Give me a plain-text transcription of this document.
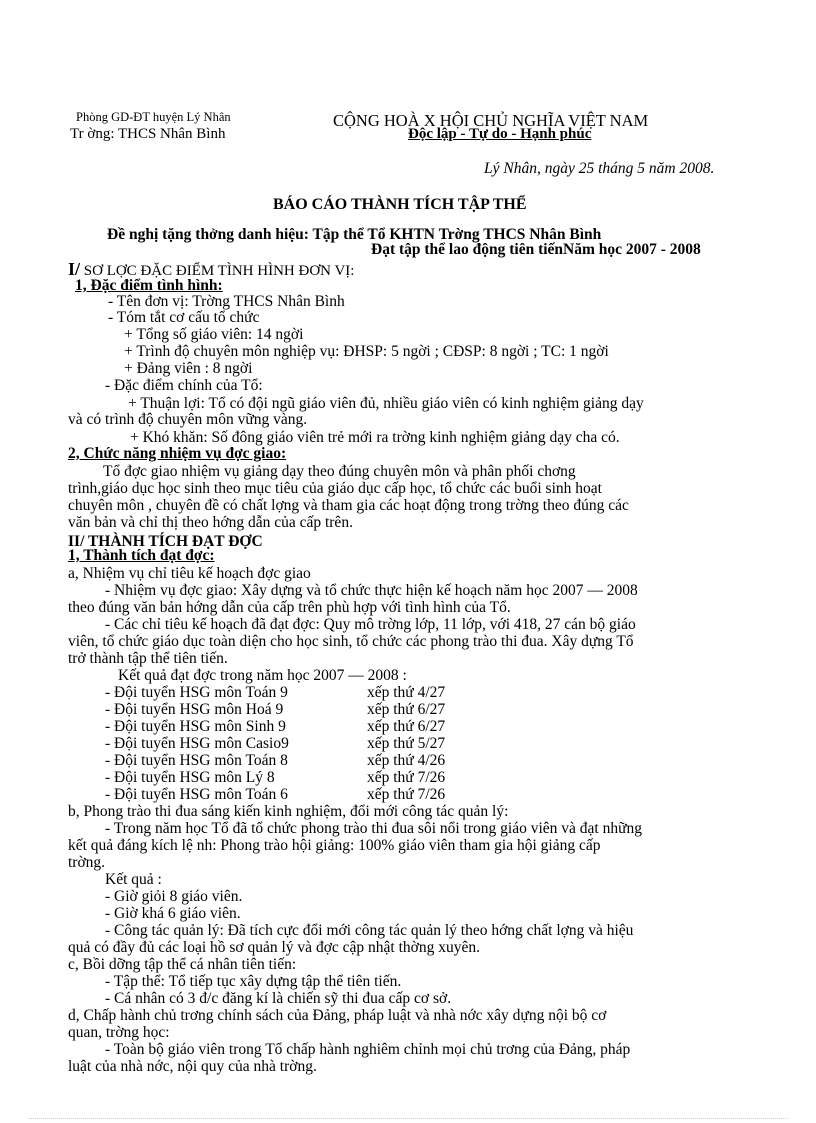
Phòng GD-ĐT huyện Lý Nhân
Tr ờng: THCS Nhân Bình
CỘNG HOÀ X HỘI CHỦ NGHĨA VIỆT NAM
Độc lập - Tự do - Hạnh phúc
Lý Nhân, ngày 25 tháng 5 năm 2008.
BÁO CÁO THÀNH TÍCH TẬP THỂ
Đề nghị tặng thởng danh hiệu: Tập thể Tổ KHTN Trờng THCS Nhân Bình
Đạt tập thể lao động tiên tiếnNăm học 2007 - 2008
I/ SƠ LỢC ĐẶC ĐIỂM TÌNH HÌNH ĐƠN VỊ:
1, Đặc điểm tình hình:
- Tên đơn vị: Trờng THCS Nhân Bình
- Tóm tắt cơ cấu tổ chức
+ Tổng số giáo viên: 14 ngời
+ Trình độ chuyên môn nghiệp vụ: ĐHSP: 5 ngời ; CĐSP: 8 ngời ; TC: 1 ngời
+ Đảng viên : 8 ngời
- Đặc điểm chính của Tổ:
+ Thuận lợi: Tổ có đội ngũ giáo viên đủ, nhiều giáo viên có kinh nghiệm giảng dạy
và có trình độ chuyên môn vững vàng.
+ Khó khăn: Số đông giáo viên trẻ mới ra trờng kinh nghiệm giảng dạy cha có.
2, Chức năng nhiệm vụ đợc giao:
Tổ đợc giao nhiệm vụ giảng dạy theo đúng chuyên môn và phân phối chơng
trình,giáo dục học sinh theo mục tiêu của giáo dục cấp học, tổ chức các buổi sinh hoạt
chuyên môn , chuyên đề có chất lợng và tham gia các hoạt động trong trờng theo đúng các
văn bản và chỉ thị theo hớng dẫn của cấp trên.
II/ THÀNH TÍCH ĐẠT ĐỢC
1, Thành tích đạt đợc:
a, Nhiệm vụ chỉ tiêu kế hoạch đợc giao
- Nhiệm vụ đợc giao: Xây dựng và tổ chức thực hiện kế hoạch năm học 2007 — 2008
theo đúng văn bản hớng dẫn của cấp trên phù hợp với tình hình của Tổ.
- Các chỉ tiêu kế hoạch đã đạt đợc: Quy mô trờng lớp, 11 lớp, với 418, 27 cán bộ giáo
viên, tổ chức giáo dục toàn diện cho học sinh, tổ chức các phong trào thi đua. Xây dựng Tổ
trở thành tập thể tiên tiến.
Kết quả đạt đợc trong năm học 2007 — 2008 :
- Đội tuyển HSG môn Toán 9	xếp thứ 4/27
- Đội tuyển HSG môn Hoá 9	xếp thứ 6/27
- Đội tuyển HSG môn Sinh 9	xếp thứ 6/27
- Đội tuyển HSG môn Casio9	xếp thứ 5/27
- Đội tuyển HSG môn Toán 8	xếp thứ 4/26
- Đội tuyển HSG môn Lý 8	xếp thứ 7/26
- Đội tuyển HSG môn Toán 6	xếp thứ 7/26
b, Phong trào thi đua sáng kiến kinh nghiệm, đổi mới công tác quản lý:
- Trong năm học Tổ đã tổ chức phong trào thi đua sôi nổi trong giáo viên và đạt những
kết quả đáng kích lệ nh: Phong trào hội giảng: 100% giáo viên tham gia hội giảng cấp
trờng.
Kết quả :
- Giờ giỏi 8 giáo viên.
- Giờ khá 6 giáo viên.
- Công tác quản lý: Đã tích cực đổi mới công tác quản lý theo hớng chất lợng và hiệu
quả có đầy đủ các loại hồ sơ quản lý và đợc cập nhật thờng xuyên.
c, Bồi dỡng tập thể cá nhân tiên tiến:
- Tập thể: Tổ tiếp tục xây dựng tập thể tiên tiến.
- Cá nhân có 3 đ/c đăng kí là chiến sỹ thi đua cấp cơ sở.
d, Chấp hành chủ trơng chính sách của Đảng, pháp luật và nhà nớc xây dựng nội bộ cơ
quan, trờng học:
- Toàn bộ giáo viên trong Tổ chấp hành nghiêm chỉnh mọi chủ trơng của Đảng, pháp
luật của nhà nớc, nội quy của nhà trờng.
